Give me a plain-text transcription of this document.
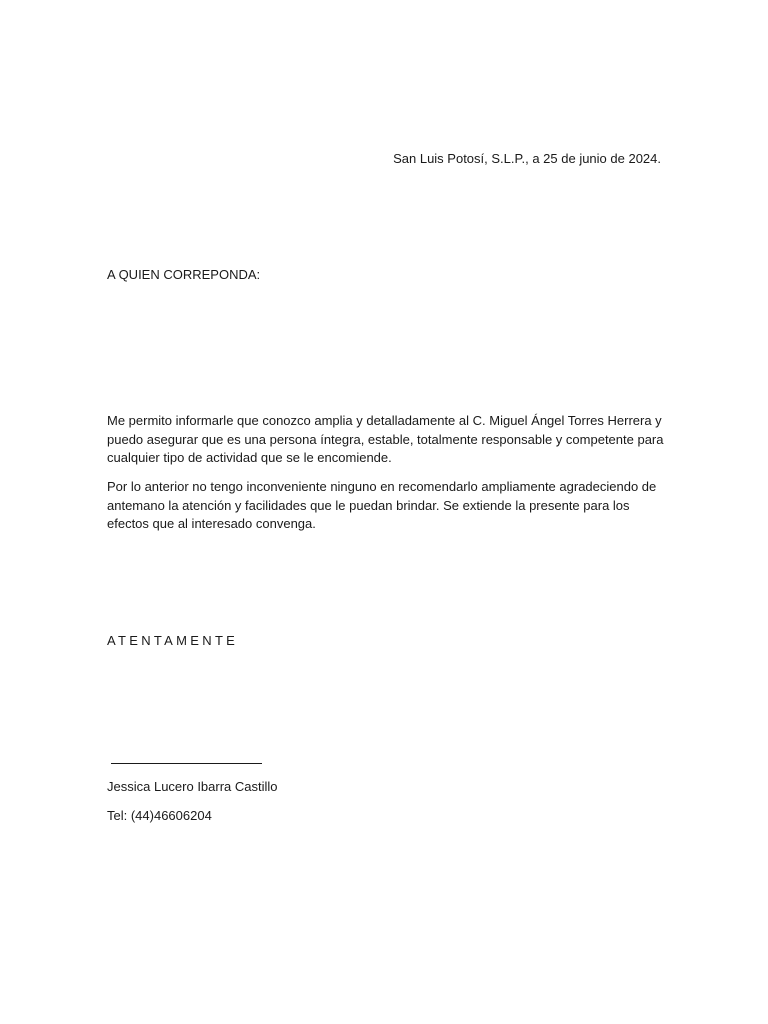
San Luis Potosí, S.L.P., a 25 de junio de 2024.

A QUIEN CORREPONDA:

Me permito informarle que conozco amplia y detalladamente al C. Miguel Ángel Torres Herrera y puedo asegurar que es una persona íntegra, estable, totalmente responsable y competente para cualquier tipo de actividad que se le encomiende.

Por lo anterior no tengo inconveniente ninguno en recomendarlo ampliamente agradeciendo de antemano la atención y facilidades que le puedan brindar. Se extiende la presente para los efectos que al interesado convenga.

ATENTAMENTE

Jessica Lucero Ibarra Castillo

Tel: (44)46606204
